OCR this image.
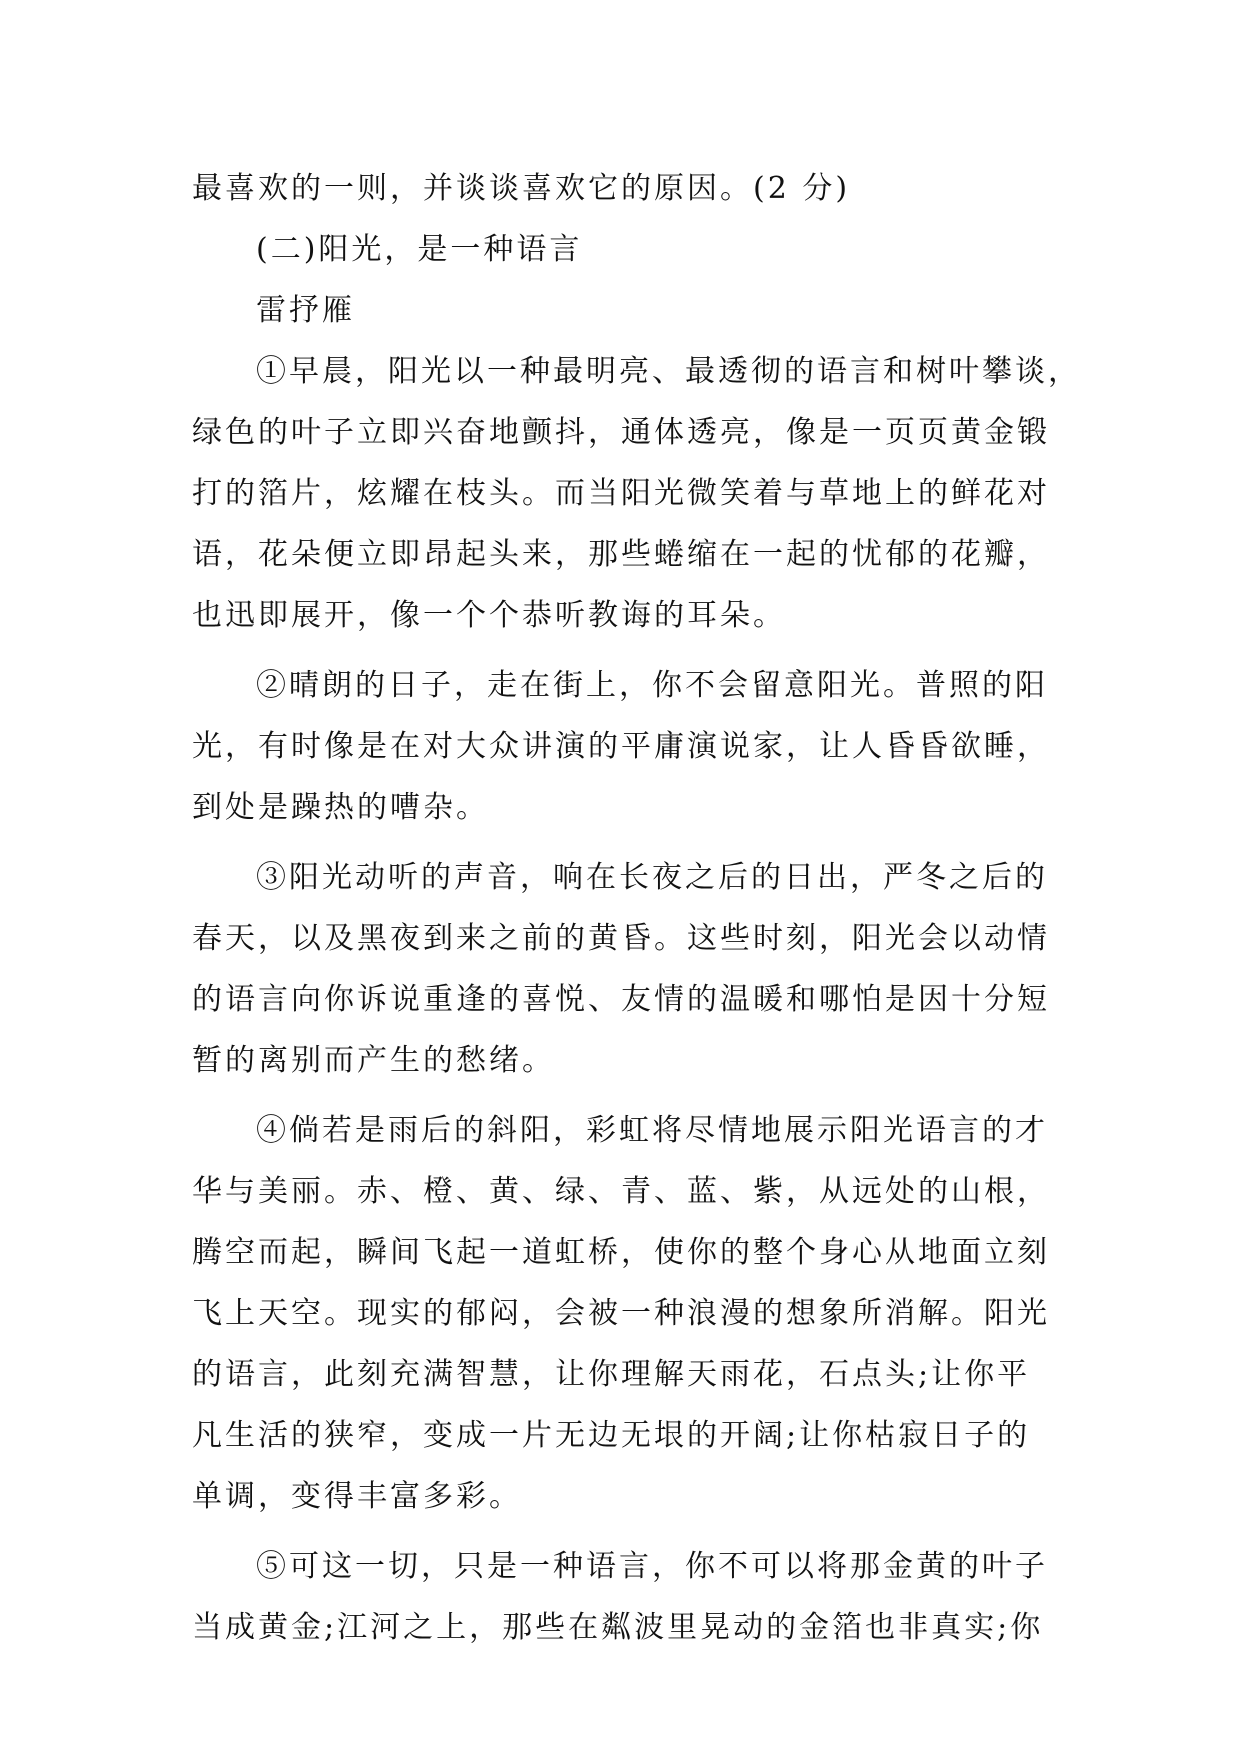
最喜欢的一则，并谈谈喜欢它的原因。(2 分)
(二)阳光，是一种语言
雷抒雁
①早晨，阳光以一种最明亮、最透彻的语言和树叶攀谈，
绿色的叶子立即兴奋地颤抖，通体透亮，像是一页页黄金锻
打的箔片，炫耀在枝头。而当阳光微笑着与草地上的鲜花对
语，花朵便立即昂起头来，那些蜷缩在一起的忧郁的花瓣，
也迅即展开，像一个个恭听教诲的耳朵。
②晴朗的日子，走在街上，你不会留意阳光。普照的阳
光，有时像是在对大众讲演的平庸演说家，让人昏昏欲睡，
到处是躁热的嘈杂。
③阳光动听的声音，响在长夜之后的日出，严冬之后的
春天，以及黑夜到来之前的黄昏。这些时刻，阳光会以动情
的语言向你诉说重逢的喜悦、友情的温暖和哪怕是因十分短
暂的离别而产生的愁绪。
④倘若是雨后的斜阳，彩虹将尽情地展示阳光语言的才
华与美丽。赤、橙、黄、绿、青、蓝、紫，从远处的山根，
腾空而起，瞬间飞起一道虹桥，使你的整个身心从地面立刻
飞上天空。现实的郁闷，会被一种浪漫的想象所消解。阳光
的语言，此刻充满智慧，让你理解天雨花，石点头;让你平
凡生活的狭窄，变成一片无边无垠的开阔;让你枯寂日子的
单调，变得丰富多彩。
⑤可这一切，只是一种语言，你不可以将那金黄的叶子
当成黄金;江河之上，那些在粼波里晃动的金箔也非真实;你
